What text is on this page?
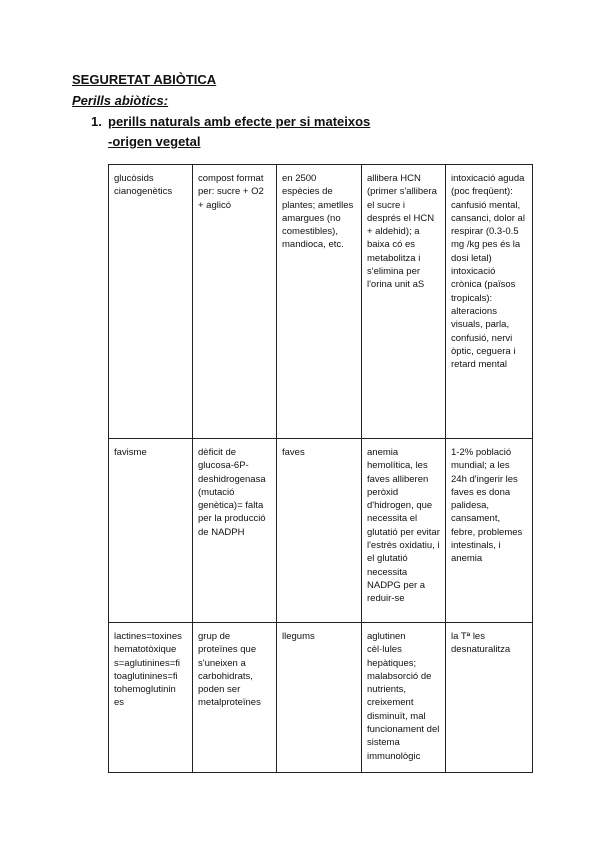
SEGURETAT ABIÒTICA
Perills abiòtics:
1. perills naturals amb efecte per si mateixos
-origen vegetal
glucòsids cianogenètics	compost format per: sucre + O2 + aglicó	en 2500 espècies de plantes; ametlles amargues (no comestibles), mandioca, etc.	allibera HCN (primer s'allibera el sucre i després el HCN + aldehid); a baixa có es metabolitza i s'elimina per l'orina unit aS	intoxicació aguda (poc freqüent): canfusió mental, cansanci, dolor al respirar (0.3-0.5 mg /kg pes és la dosi letal) intoxicació crònica (països tropicals): alteracions visuals, parla, confusió, nervi òptic, ceguera i retard mental
favisme	dèficit de glucosa-6P-deshidrogenasa (mutació genètica)= falta per la producció de NADPH	faves	anemia hemolítica, les faves alliberen peròxid d'hidrogen, que necessita el glutatió per evitar l'estrès oxidatiu, i el glutatió necessita NADPG per a reduir-se	1-2% població mundial; a les 24h d'ingerir les faves es dona palidesa, cansament, febre, problemes intestinals, i anemia
lactines=toxines hematotòxique s=aglutinines=fi toaglutinines=fi tohemoglutinin es	grup de proteïnes que s'uneixen a carbohidrats, poden ser metalproteïnes	llegums	aglutinen cèl·lules hepàtiques; malabsorció de nutrients, creixement disminuït, mal funcionament del sistema immunològic	la Tª les desnaturalitza
